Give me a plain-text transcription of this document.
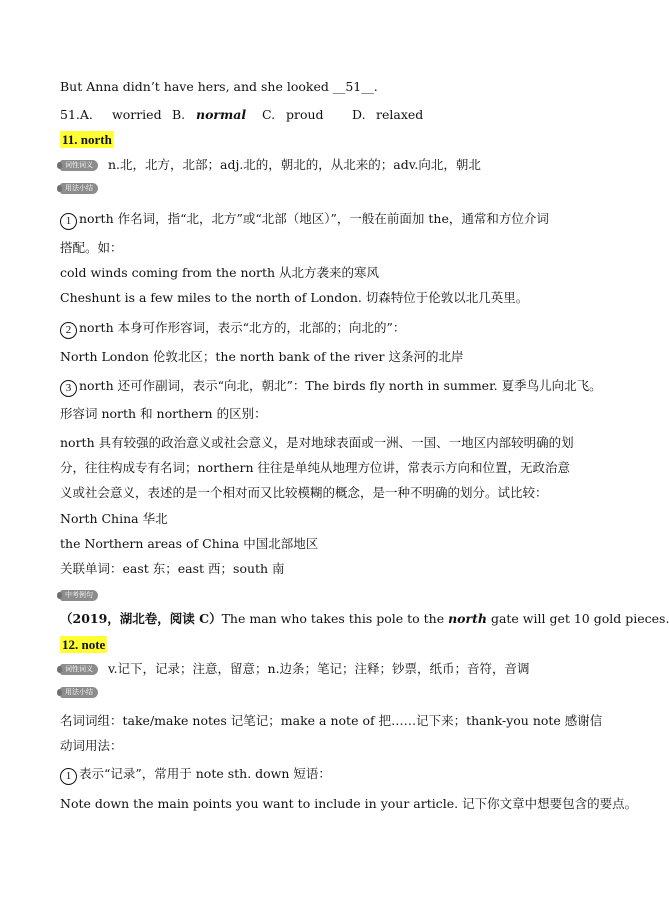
But Anna didn’t have hers, and she looked __51__.
51.A. worried B. normal C. proud D. relaxed
11. north
词性词义 n.北，北方，北部；adj.北的，朝北的，从北来的；adv.向北，朝北
用法小结
1 north 作名词，指“北，北方”或“北部（地区）”，一般在前面加 the，通常和方位介词
搭配。如：
cold winds coming from the north 从北方袭来的寒风
Cheshunt is a few miles to the north of London. 切森特位于伦敦以北几英里。
2 north 本身可作形容词，表示“北方的，北部的；向北的”：
North London 伦敦北区；the north bank of the river 这条河的北岸
3 north 还可作副词，表示“向北，朝北”：The birds fly north in summer. 夏季鸟儿向北飞。
形容词 north 和 northern 的区别：
north 具有较强的政治意义或社会意义，是对地球表面或一洲、一国、一地区内部较明确的划分，往往构成专有名词；northern 往往是单纯从地理方位讲，常表示方向和位置，无政治意义或社会意义，表述的是一个相对而又比较模糊的概念，是一种不明确的划分。试比较：
North China 华北
the Northern areas of China 中国北部地区
关联单词：east 东；east 西；south 南
中考例句
（2019，湖北卷，阅读 C）The man who takes this pole to the north gate will get 10 gold pieces.
12. note
词性词义 v.记下，记录；注意，留意；n.边条；笔记；注释；钞票，纸币；音符，音调
用法小结
名词词组：take/make notes 记笔记；make a note of 把……记下来；thank-you note 感谢信
动词用法：
1 表示“记录”，常用于 note sth. down 短语：
Note down the main points you want to include in your article. 记下你文章中想要包含的要点。
